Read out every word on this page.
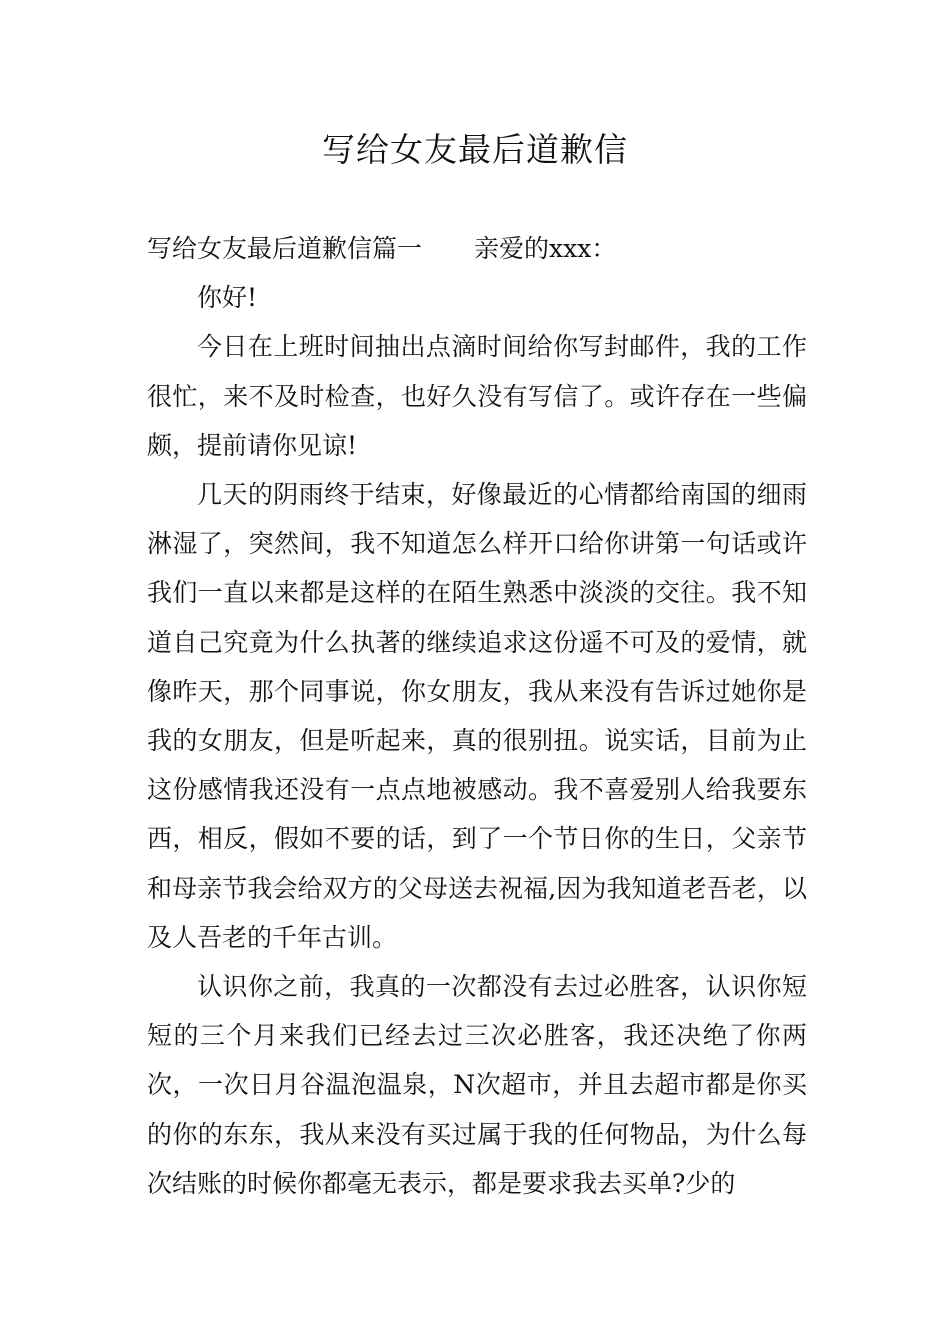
写给女友最后道歉信

写给女友最后道歉信篇一 亲爱的xxx：

你好!

今日在上班时间抽出点滴时间给你写封邮件，我的工作很忙，来不及时检查，也好久没有写信了。或许存在一些偏颇，提前请你见谅!

几天的阴雨终于结束，好像最近的心情都给南国的细雨淋湿了，突然间，我不知道怎么样开口给你讲第一句话或许我们一直以来都是这样的在陌生熟悉中淡淡的交往。我不知道自己究竟为什么执著的继续追求这份遥不可及的爱情，就像昨天，那个同事说，你女朋友，我从来没有告诉过她你是我的女朋友，但是听起来，真的很别扭。说实话，目前为止这份感情我还没有一点点地被感动。我不喜爱别人给我要东西，相反，假如不要的话，到了一个节日你的生日，父亲节和母亲节我会给双方的父母送去祝福,因为我知道老吾老，以及人吾老的千年古训。

认识你之前，我真的一次都没有去过必胜客，认识你短短的三个月来我们已经去过三次必胜客，我还决绝了你两次，一次日月谷温泡温泉，N次超市，并且去超市都是你买的你的东东，我从来没有买过属于我的任何物品，为什么每次结账的时候你都毫无表示，都是要求我去买单?少的
